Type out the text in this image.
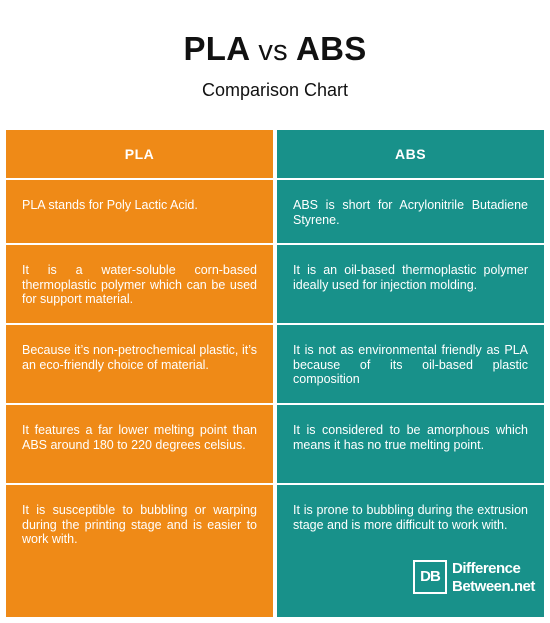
PLA vs ABS
Comparison Chart
PLA
PLA stands for Poly Lactic Acid.
It is a water-soluble corn-based thermoplastic polymer which can be used for support material.
Because it’s non-petrochemical plastic, it’s an eco-friendly choice of material.
It features a far lower melting point than ABS around 180 to 220 degrees celsius.
It is susceptible to bubbling or warping during the printing stage and is easier to work with.
ABS
ABS is short for Acrylonitrile Butadiene Styrene.
It is an oil-based thermoplastic polymer ideally used for injection molding.
It is not as environmental friendly as PLA because of its oil-based plastic composition
It is considered to be amorphous which means it has no true melting point.
It is prone to bubbling during the extrusion stage and is more difficult to work with.
DB Difference
Between.net
